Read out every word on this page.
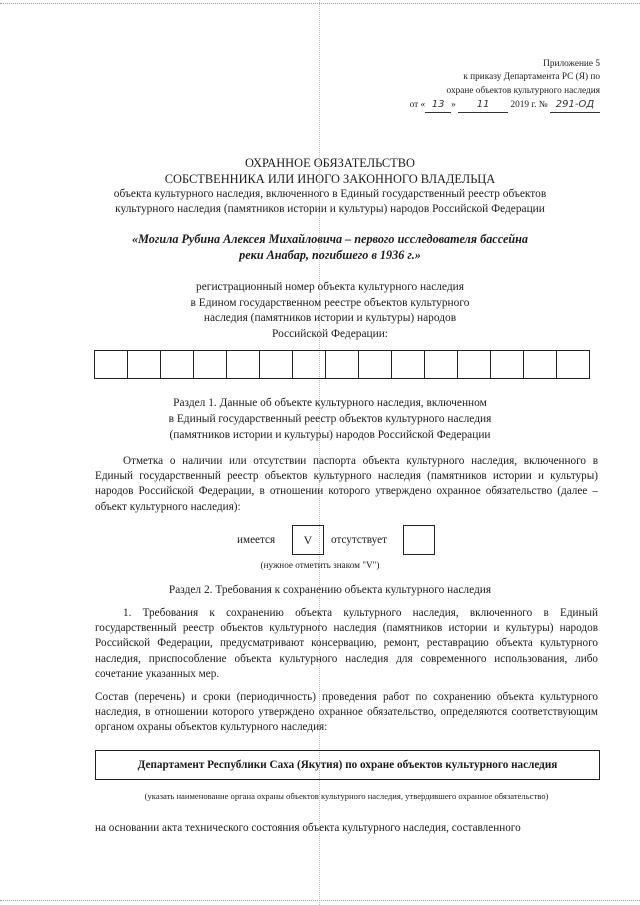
Приложение 5
к приказу Департамента РС (Я) по
охране объектов культурного наследия
от « 13 » 11 2019 г. № 291-ОД
ОХРАННОЕ ОБЯЗАТЕЛЬСТВО
СОБСТВЕННИКА ИЛИ ИНОГО ЗАКОННОГО ВЛАДЕЛЬЦА
объекта культурного наследия, включенного в Единый государственный реестр объектов
культурного наследия (памятников истории и культуры) народов Российской Федерации
«Могила Рубина Алексея Михайловича – первого исследователя бассейна
реки Анабар, погибшего в 1936 г.»
регистрационный номер объекта культурного наследия
в Едином государственном реестре объектов культурного
наследия (памятников истории и культуры) народов
Российской Федерации:
Раздел 1. Данные об объекте культурного наследия, включенном
в Единый государственный реестр объектов культурного наследия
(памятников истории и культуры) народов Российской Федерации
Отметка о наличии или отсутствии паспорта объекта культурного наследия, включенного в Единый государственный реестр объектов культурного наследия (памятников истории и культуры) народов Российской Федерации, в отношении которого утверждено охранное обязательство (далее – объект культурного наследия):
имеется	V	отсутствует
(нужное отметить знаком "V")
Раздел 2. Требования к сохранению объекта культурного наследия
1. Требования к сохранению объекта культурного наследия, включенного в Единый государственный реестр объектов культурного наследия (памятников истории и культуры) народов Российской Федерации, предусматривают консервацию, ремонт, реставрацию объекта культурного наследия, приспособление объекта культурного наследия для современного использования, либо сочетание указанных мер.
Состав (перечень) и сроки (периодичность) проведения работ по сохранению объекта культурного наследия, в отношении которого утверждено охранное обязательство, определяются соответствующим органом охраны объектов культурного наследия:
Департамент Республики Саха (Якутия) по охране объектов культурного наследия
(указать наименование органа охраны объектов культурного наследия, утвердившего охранное обязательство)
на основании акта технического состояния объекта культурного наследия, составленного
